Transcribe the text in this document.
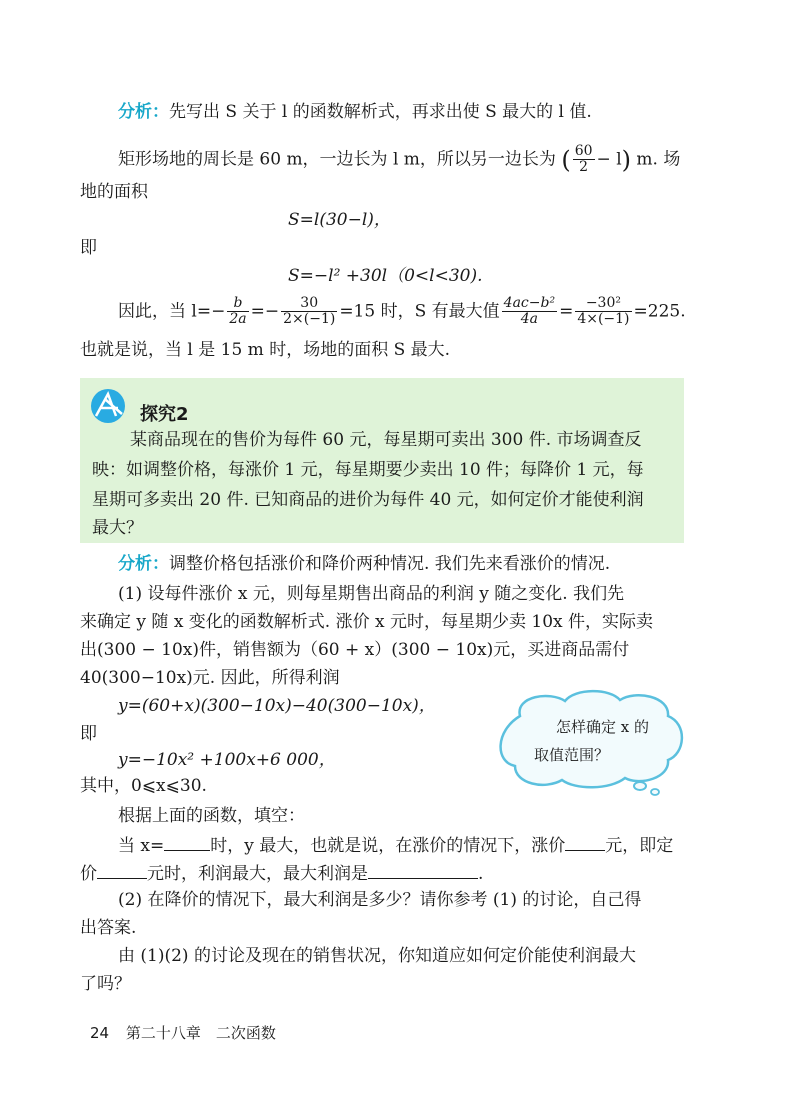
分析：先写出 S 关于 l 的函数解析式，再求出使 S 最大的 l 值.
矩形场地的周长是 60 m，一边长为 l m，所以另一边长为 ( $\frac{60}{2} - l$) m. 场
地的面积
S=l(30−l)，
即
S=−l² +30l（0<l<30).
因此，当 $l=- \frac{b}{2a} =- \frac{30}{2\times(-1)} =15$ 时，S 有最大值 $\frac{\text{4ac−b²}}{4a} = \frac{\text{−30²}}{4\times(-1)} =225$.
也就是说，当 l 是 15 m 时，场地的面积 S 最大.
探究2
某商品现在的售价为每件 60 元，每星期可卖出 300 件. 市场调查反
映：如调整价格，每涨价 1 元，每星期要少卖出 10 件；每降价 1 元，每
星期可多卖出 20 件. 已知商品的进价为每件 40 元，如何定价才能使利润
最大？
分析：调整价格包括涨价和降价两种情况. 我们先来看涨价的情况.
(1) 设每件涨价 x 元，则每星期售出商品的利润 y 随之变化. 我们先
来确定 y 随 x 变化的函数解析式. 涨价 x 元时，每星期少卖 10x 件，实际卖
出(300 − 10x)件，销售额为（60 + x）(300 − 10x)元，买进商品需付
40(300−10x)元. 因此，所得利润
y=(60+x)(300−10x)−40(300−10x)，
即
y=−10x² +100x+6 000，
其中，0⩽x⩽30.
怎样确定 x 的
取值范围？
根据上面的函数，填空：
当 x=	时，y 最大，也就是说，在涨价的情况下，涨价 元，即定
价	元时，利润最大，最大利润是	.
(2) 在降价的情况下，最大利润是多少？请你参考 (1) 的讨论，自己得
出答案.
由 (1)(2) 的讨论及现在的销售状况，你知道应如何定价能使利润最大
了吗？
24 第二十八章　二次函数
